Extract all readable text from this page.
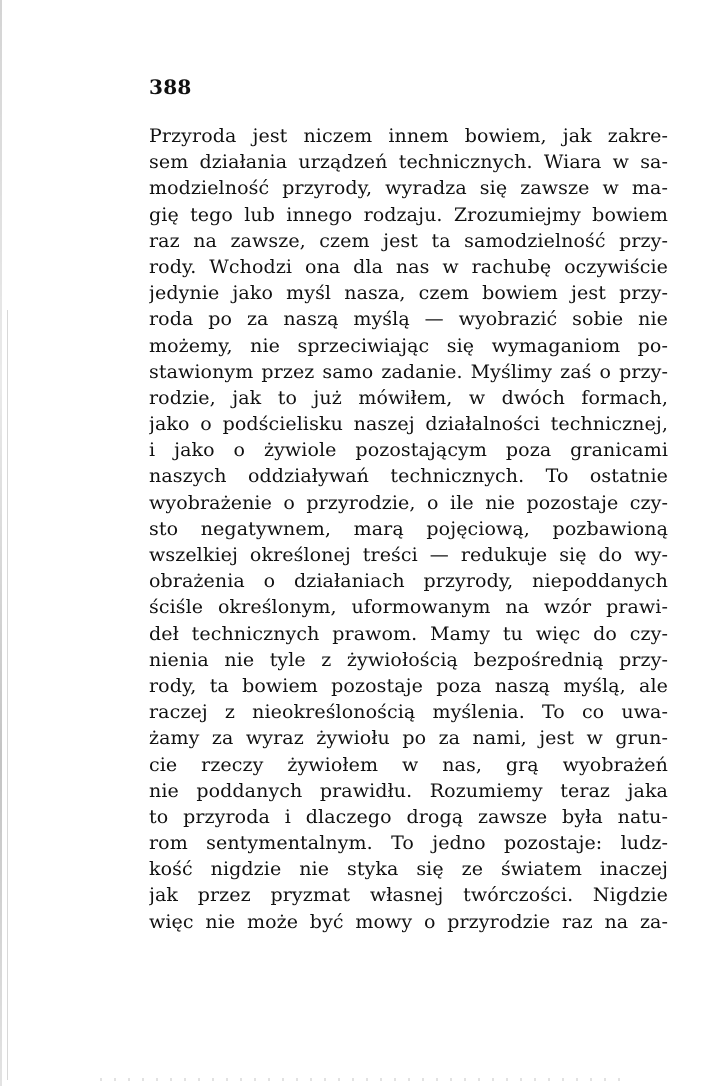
388
Przyroda jest niczem innem bowiem, jak zakre-
sem działania urządzeń technicznych. Wiara w sa-
modzielność przyrody, wyradza się zawsze w ma-
gię tego lub innego rodzaju. Zrozumiejmy bowiem
raz na zawsze, czem jest ta samodzielność przy-
rody. Wchodzi ona dla nas w rachubę oczywiście
jedynie jako myśl nasza, czem bowiem jest przy-
roda po za naszą myślą — wyobrazić sobie nie
możemy, nie sprzeciwiając się wymaganiom po-
stawionym przez samo zadanie. Myślimy zaś o przy-
rodzie, jak to już mówiłem, w dwóch formach,
jako o podścielisku naszej działalności technicznej,
i jako o żywiole pozostającym poza granicami
naszych oddziaływań technicznych. To ostatnie
wyobrażenie o przyrodzie, o ile nie pozostaje czy-
sto negatywnem, marą pojęciową, pozbawioną
wszelkiej określonej treści — redukuje się do wy-
obrażenia o działaniach przyrody, niepoddanych
ściśle określonym, uformowanym na wzór prawi-
deł technicznych prawom. Mamy tu więc do czy-
nienia nie tyle z żywiołością bezpośrednią przy-
rody, ta bowiem pozostaje poza naszą myślą, ale
raczej z nieokreślonością myślenia. To co uwa-
żamy za wyraz żywiołu po za nami, jest w grun-
cie rzeczy żywiołem w nas, grą wyobrażeń
nie poddanych prawidłu. Rozumiemy teraz jaka
to przyroda i dlaczego drogą zawsze była natu-
rom sentymentalnym. To jedno pozostaje: ludz-
kość nigdzie nie styka się ze światem inaczej
jak przez pryzmat własnej twórczości. Nigdzie
więc nie może być mowy o przyrodzie raz na za-
